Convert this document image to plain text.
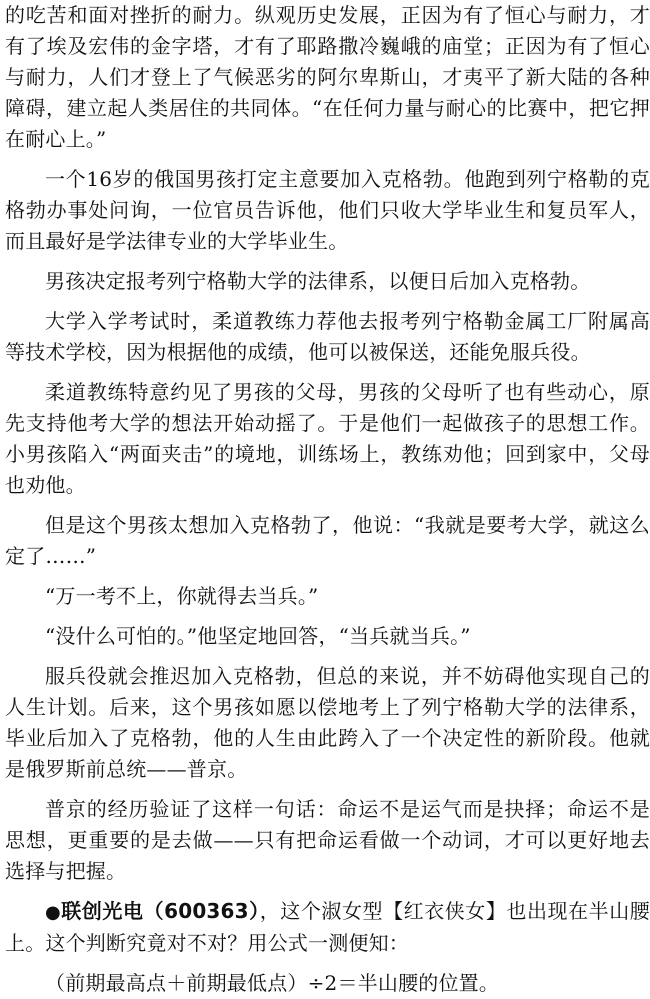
的吃苦和面对挫折的耐力。纵观历史发展，正因为有了恒心与耐力，才有了埃及宏伟的金字塔，才有了耶路撒冷巍峨的庙堂；正因为有了恒心与耐力，人们才登上了气候恶劣的阿尔卑斯山，才夷平了新大陆的各种障碍，建立起人类居住的共同体。“在任何力量与耐心的比赛中，把它押在耐心上。”

一个16岁的俄国男孩打定主意要加入克格勃。他跑到列宁格勒的克格勃办事处问询，一位官员告诉他，他们只收大学毕业生和复员军人，而且最好是学法律专业的大学毕业生。

男孩决定报考列宁格勒大学的法律系，以便日后加入克格勃。

大学入学考试时，柔道教练力荐他去报考列宁格勒金属工厂附属高等技术学校，因为根据他的成绩，他可以被保送，还能免服兵役。

柔道教练特意约见了男孩的父母，男孩的父母听了也有些动心，原先支持他考大学的想法开始动摇了。于是他们一起做孩子的思想工作。小男孩陷入“两面夹击”的境地，训练场上，教练劝他；回到家中，父母也劝他。

但是这个男孩太想加入克格勃了，他说：“我就是要考大学，就这么定了……”

“万一考不上，你就得去当兵。”

“没什么可怕的。”他坚定地回答，“当兵就当兵。”

服兵役就会推迟加入克格勃，但总的来说，并不妨碍他实现自己的人生计划。后来，这个男孩如愿以偿地考上了列宁格勒大学的法律系，毕业后加入了克格勃，他的人生由此跨入了一个决定性的新阶段。他就是俄罗斯前总统——普京。

普京的经历验证了这样一句话：命运不是运气而是抉择；命运不是思想，更重要的是去做——只有把命运看做一个动词，才可以更好地去选择与把握。

●联创光电（600363），这个淑女型【红衣侠女】也出现在半山腰上。这个判断究竟对不对？用公式一测便知：

（前期最高点＋前期最低点）÷2＝半山腰的位置。
